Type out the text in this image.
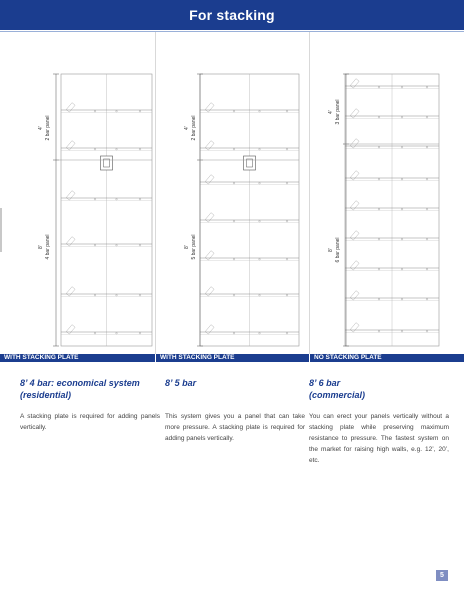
For stacking
4’ 2 bar panel
8’ 4 bar panel
4’ 2 bar panel
8’ 5 bar panel
4’ 3 bar panel
8’ 6 bar panel
WITH STACKING PLATE	WITH STACKING PLATE	NO STACKING PLATE
8’ 4 bar: economical system
(residential)
8’ 5 bar	8’ 6 bar
(commercial)
A stacking plate is required for adding panels vertically.
This system gives you a panel that can take more pressure. A stacking plate is required for adding panels vertically.
You can erect your panels vertically without a stacking plate while preserving maximum resistance to pressure. The fastest system on the market for raising high walls, e.g. 12’, 20’, etc.
5
